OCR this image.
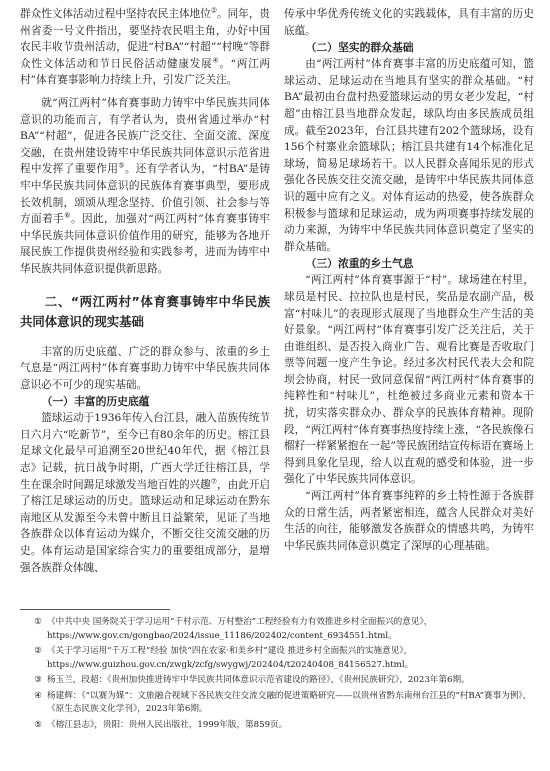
群众性文体活动过程中坚持农民主体地位②。同年，贵州省委一号文件指出，要坚持农民唱主角，办好中国农民丰收节贵州活动，促进“村BA”“村超”“村晚”等群众性文体活动和节日民俗活动健康发展④。“两江两村”体育赛事影响力持续上升，引发广泛关注。

就“两江两村”体育赛事助力铸牢中华民族共同体意识的功能而言，有学者认为，贵州省通过举办“村BA”“村超”，促进各民族广泛交往、全面交流、深度交融，在贵州建设铸牢中华民族共同体意识示范省进程中发挥了重要作用⑤。还有学者认为，“村BA”是铸牢中华民族共同体意识的民族体育赛事典型，要形成长效机制，颂颂从理念坚持、价值引领、社会参与等方面着手⑥。因此，加强对“两江两村”体育赛事铸牢中华民族共同体意识价值作用的研究，能够为各地开展民族工作提供贵州经验和实践参考，进而为铸牢中华民族共同体意识提供新思路。

二、“两江两村”体育赛事铸牢中华民族共同体意识的现实基础

丰富的历史底蕴、广泛的群众参与、浓重的乡土气息是“两江两村”体育赛事助力铸牢中华民族共同体意识必不可少的现实基础。

（一）丰富的历史底蕴

篮球运动于1936年传入台江县，融入苗族传统节日六月六“吃新节”，至今已有80余年的历史。榕江县足球文化最早可追溯至20世纪40年代，据《榕江县志》记载，抗日战争时期，广西大学迁往榕江县，学生在课余时间踢足球激发当地百姓的兴趣⑦，由此开启了榕江足球运动的历史。篮球运动和足球运动在黔东南地区从发源至今未曾中断且日益繁荣，见证了当地各族群众以体育运动为媒介，不断交往交流交融的历史。体育运动是国家综合实力的重要组成部分，是增强各族群众体魄、

传承中华优秀传统文化的实践载体，具有丰富的历史底蕴。

（二）坚实的群众基础

由“两江两村”体育赛事丰富的历史底蕴可知，篮球运动、足球运动在当地具有坚实的群众基础。“村BA”最初由台盘村热爱篮球运动的男女老少发起，“村超”由榕江县当地群众发起，球队均由多民族成员组成。截至2023年，台江县共建有202个篮球场，设有156个村寨业余篮球队；榕江县共建有14个标准化足球场，简易足球场若干。以人民群众喜闻乐见的形式强化各民族交往交流交融，是铸牢中华民族共同体意识的题中应有之义。对体育运动的热爱，使各族群众积极参与篮球和足球运动，成为两项赛事持续发展的动力来源，为铸牢中华民族共同体意识奠定了坚实的群众基础。

（三）浓重的乡土气息

“两江两村”体育赛事源于“村”。球场建在村里，球员是村民、拉拉队也是村民，奖品是农副产品，极富“村味儿”的表现形式展现了当地群众生产生活的美好景象。“两江两村”体育赛事引发广泛关注后，关于由谁组织、是否投入商业广告、观看比赛是否收取门票等问题一度产生争论。经过多次村民代表大会和院坝会协商，村民一致同意保留“两江两村”体育赛事的纯粹性和“村味儿”，杜绝被过多商业元素和资本干扰，切实落实群众办、群众享的民族体育精神。现阶段，“两江两村”体育赛事热度持续上涨，“各民族像石榴籽一样紧紧抱在一起”等民族团结宣传标语在赛场上得到具象化呈现，给人以直观的感受和体验，进一步强化了中华民族共同体意识。

“两江两村”体育赛事纯粹的乡土特性源于各族群众的日常生活，两者紧密相连，蕴含人民群众对美好生活的向往，能够激发各族群众的情感共鸣，为铸牢中华民族共同体意识奠定了深厚的心理基础。

① 《中共中央 国务院关于学习运用“千村示范、万村整治”工程经验有力有效推进乡村全面振兴的意见》，https://www.gov.cn/gongbao/2024/issue_11186/202402/content_6934551.html。
② 《关于学习运用“千万工程”经验 加快“四在农家·和美乡村”建设 推进乡村全面振兴的实施意见》，https://www.guizhou.gov.cn/zwgk/zcfg/swygwj/202404/t20240408_84156527.html。
③ 杨玉兰，段超：《贵州加快推进铸牢中华民族共同体意识示范省建设的路径》，《贵州民族研究》，2023年第6期。
④ 杨建辉：《“以赛为媒”：文旅融合视域下各民族交往交流交融的促进策略研究——以贵州省黔东南州台江县的“村BA”赛事为例》，《原生态民族文化学刊》，2023年第6期。
⑤ 《榕江县志》，贵阳：贵州人民出版社，1999年版，第859页。
